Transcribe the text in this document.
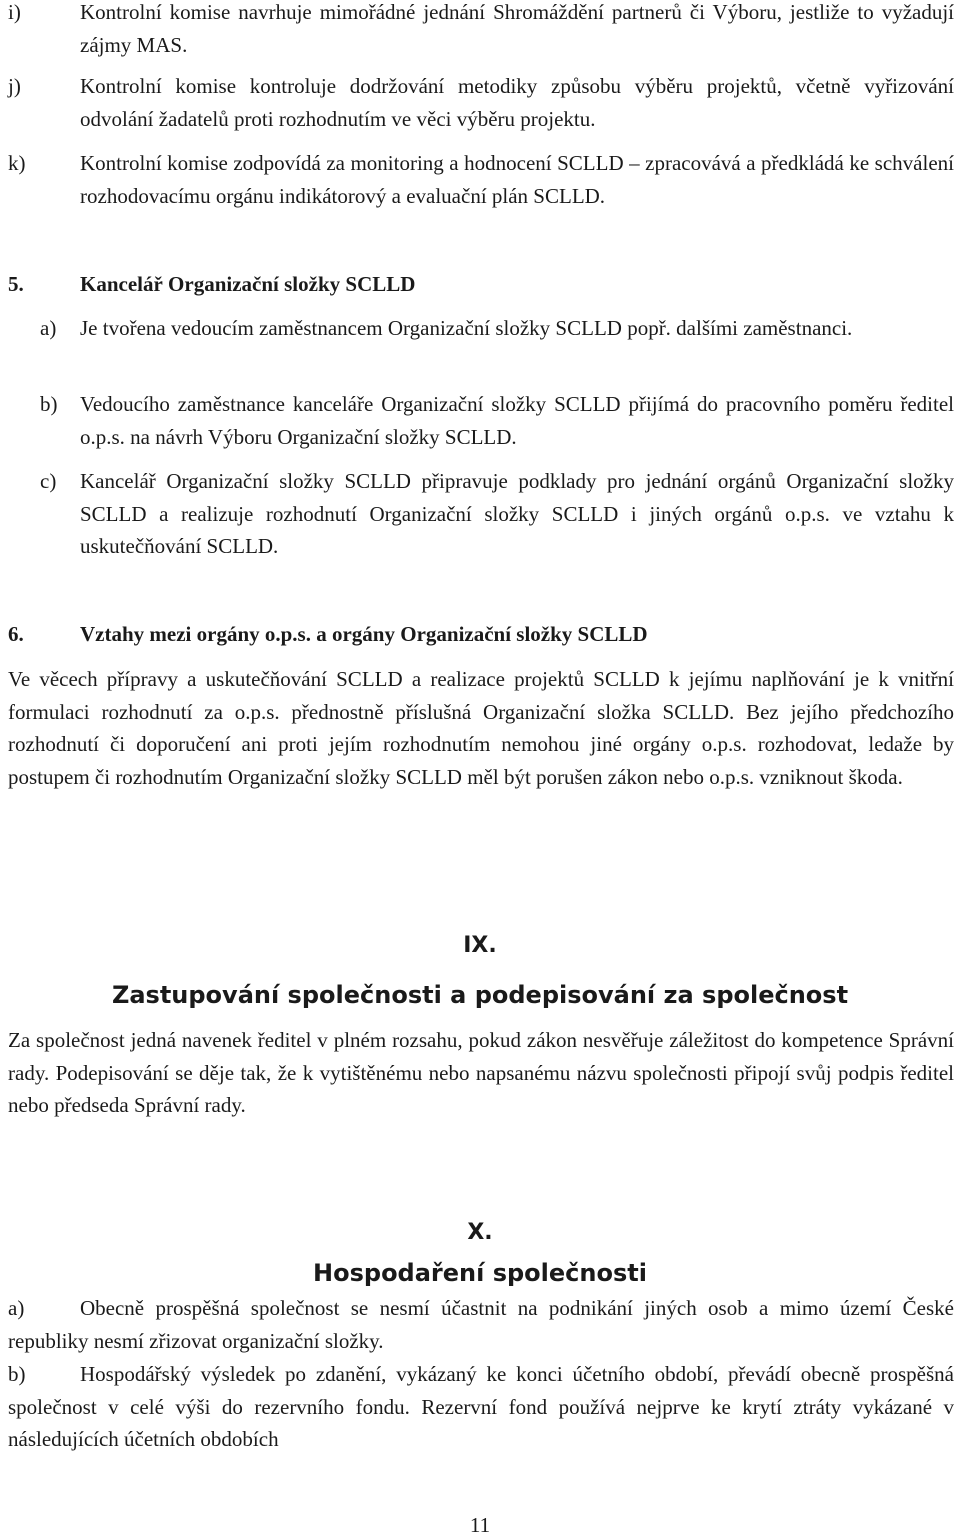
i)	Kontrolní komise navrhuje mimořádné jednání Shromáždění partnerů či Výboru, jestliže to vyžadují zájmy MAS.
j)	Kontrolní komise kontroluje dodržování metodiky způsobu výběru projektů, včetně vyřizování odvolání žadatelů proti rozhodnutím ve věci výběru projektu.
k)	Kontrolní komise zodpovídá za monitoring a hodnocení SCLLD – zpracovává a předkládá ke schválení rozhodovacímu orgánu indikátorový a evaluační plán SCLLD.
5.	Kancelář Organizační složky SCLLD
a) Je tvořena vedoucím zaměstnancem Organizační složky SCLLD popř. dalšími zaměstnanci.
b) Vedoucího zaměstnance kanceláře Organizační složky SCLLD přijímá do pracovního poměru ředitel o.p.s. na návrh Výboru Organizační složky SCLLD.
c) Kancelář Organizační složky SCLLD připravuje podklady pro jednání orgánů Organizační složky SCLLD a realizuje rozhodnutí Organizační složky SCLLD i jiných orgánů o.p.s. ve vztahu k uskutečňování SCLLD.
6.	Vztahy mezi orgány o.p.s. a orgány Organizační složky SCLLD
Ve věcech přípravy a uskutečňování SCLLD a realizace projektů SCLLD k jejímu naplňování je k vnitřní formulaci rozhodnutí za o.p.s. přednostně příslušná Organizační složka SCLLD. Bez jejího předchozího rozhodnutí či doporučení ani proti jejím rozhodnutím nemohou jiné orgány o.p.s. rozhodovat, ledaže by postupem či rozhodnutím Organizační složky SCLLD měl být porušen zákon nebo o.p.s. vzniknout škoda.
IX.
Zastupování společnosti a podepisování za společnost
Za společnost jedná navenek ředitel v plném rozsahu, pokud zákon nesvěřuje záležitost do kompetence Správní rady. Podepisování se děje tak, že k vytištěnému nebo napsanému názvu společnosti připojí svůj podpis ředitel nebo předseda Správní rady.
X.
Hospodaření společnosti
Obecně prospěšná společnost se nesmí účastnit na podnikání jiných osob a mimo území České republiky nesmí zřizovat organizační složky.
a)
Hospodářský výsledek po zdanění, vykázaný ke konci účetního období, převádí obecně prospěšná společnost v celé výši do rezervního fondu. Rezervní fond používá nejprve ke krytí ztráty vykázané v následujících účetních obdobích
b)
11
